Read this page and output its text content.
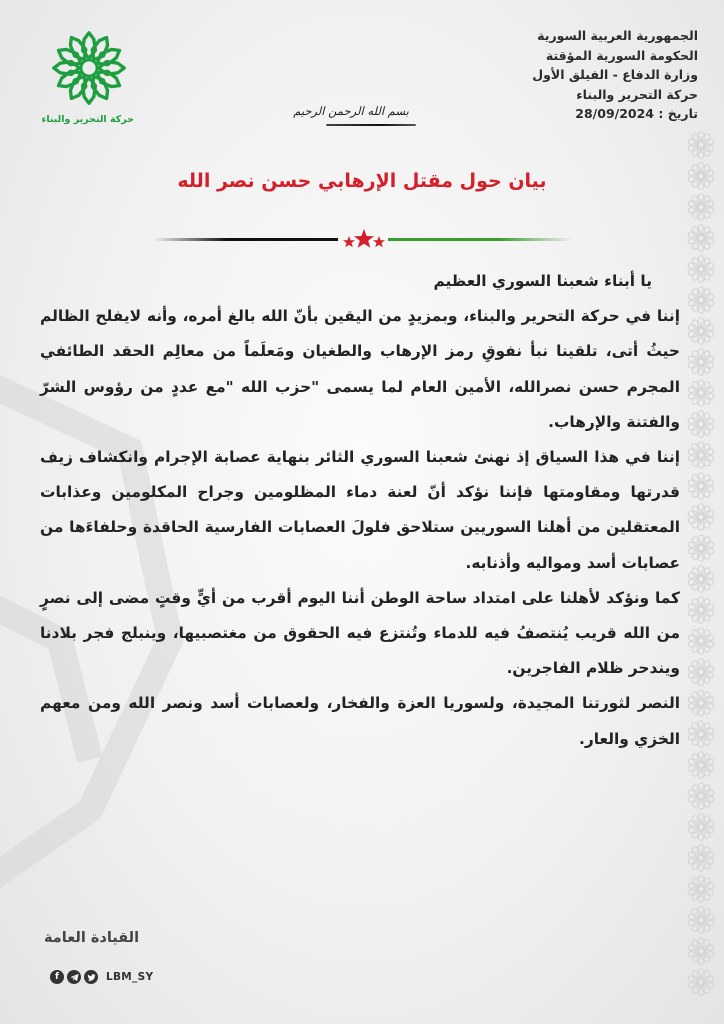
الجمهورية العربية السورية
الحكومة السورية المؤقتة
وزارة الدفاع - الفيلق الأول
حركة التحرير والبناء
تاريخ : 28/09/2024
حركة التحرير والبناء
بسم الله الرحمن الرحيم
بيان حول مقتل الإرهابي حسن نصر الله

يا أبناء شعبنا السوري العظيم

إننا في حركة التحرير والبناء، وبمزيدٍ من اليقين بأنّ الله بالغ أمره، وأنه لايفلح الظالم حيثُ أتى، تلقينا نبأ نفوقِ رمز الإرهاب والطغيان ومَعلَماً من معالِم الحقد الطائفي المجرم حسن نصرالله، الأمين العام لما يسمى "حزب الله "مع عددٍ من رؤوس الشرّ والفتنة والإرهاب.

إننا في هذا السياق إذ نهنئ شعبنا السوري الثائر بنهاية عصابة الإجرام وانكشاف زيف قدرتها ومقاومتها فإننا نؤكد أنّ لعنة دماء المظلومين وجراح المكلومين وعذابات المعتقلين من أهلنا السوريين ستلاحق فلولَ العصابات الفارسية الحاقدة وحلفاءَها من عصابات أسد ومواليه وأذنابه.

كما ونؤكد لأهلنا على امتداد ساحة الوطن أننا اليوم أقرب من أيٍّ وقتٍ مضى إلى نصرٍ من الله قريب يُنتصفُ فيه للدماء وتُنتزع فيه الحقوق من مغتصبيها، وينبلج فجر بلادنا ويندحر ظلام الفاجرين.

النصر لثورتنا المجيدة، ولسوريا العزة والفخار، ولعصابات أسد ونصر الله ومن معهم الخزي والعار.

القيادة العامة
f	LBM_SY
